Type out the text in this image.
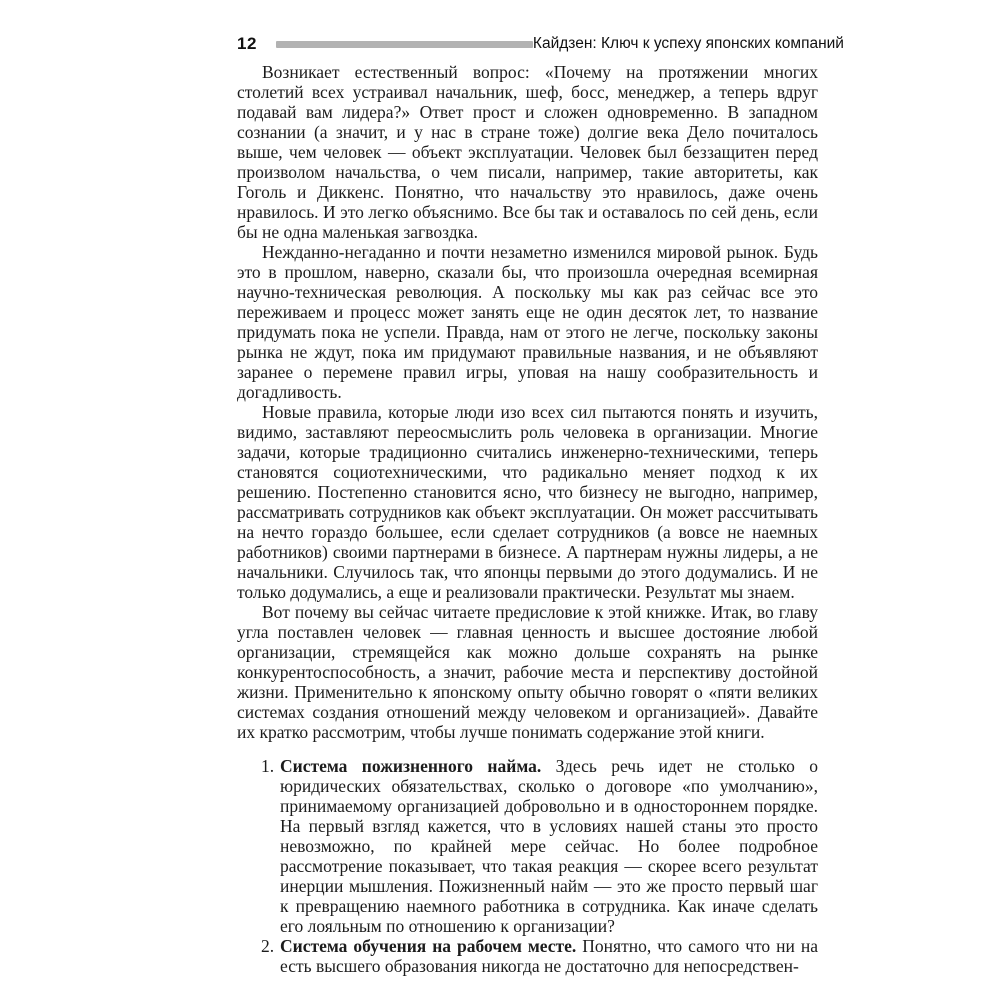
12	Кайдзен: Ключ к успеху японских компаний

Возникает естественный вопрос: «Почему на протяжении многих столетий всех устраивал начальник, шеф, босс, менеджер, а теперь вдруг подавай вам лидера?» Ответ прост и сложен одновременно. В западном сознании (а значит, и у нас в стране тоже) долгие века Дело почиталось выше, чем человек — объект эксплуатации. Человек был беззащитен перед произволом начальства, о чем писали, например, такие авторитеты, как Гоголь и Диккенс. Понятно, что начальству это нравилось, даже очень нравилось. И это легко объяснимо. Все бы так и оставалось по сей день, если бы не одна маленькая загвоздка.

Нежданно-негаданно и почти незаметно изменился мировой рынок. Будь это в прошлом, наверно, сказали бы, что произошла очередная всемирная научно-техническая революция. А поскольку мы как раз сейчас все это переживаем и процесс может занять еще не один десяток лет, то название придумать пока не успели. Правда, нам от этого не легче, поскольку законы рынка не ждут, пока им придумают правильные названия, и не объявляют заранее о перемене правил игры, уповая на нашу сообразительность и догадливость.

Новые правила, которые люди изо всех сил пытаются понять и изучить, видимо, заставляют переосмыслить роль человека в организации. Многие задачи, которые традиционно считались инженерно-техническими, теперь становятся социотехническими, что радикально меняет подход к их решению. Постепенно становится ясно, что бизнесу не выгодно, например, рассматривать сотрудников как объект эксплуатации. Он может рассчитывать на нечто гораздо большее, если сделает сотрудников (а вовсе не наемных работников) своими партнерами в бизнесе. А партнерам нужны лидеры, а не начальники. Случилось так, что японцы первыми до этого додумались. И не только додумались, а еще и реализовали практически. Результат мы знаем.

Вот почему вы сейчас читаете предисловие к этой книжке. Итак, во главу угла поставлен человек — главная ценность и высшее достояние любой организации, стремящейся как можно дольше сохранять на рынке конкурентоспособность, а значит, рабочие места и перспективу достойной жизни. Применительно к японскому опыту обычно говорят о «пяти великих системах создания отношений между человеком и организацией». Давайте их кратко рассмотрим, чтобы лучше понимать содержание этой книги.

1. Система пожизненного найма. Здесь речь идет не столько о юридических обязательствах, сколько о договоре «по умолчанию», принимаемому организацией добровольно и в одностороннем порядке. На первый взгляд кажется, что в условиях нашей станы это просто невозможно, по крайней мере сейчас. Но более подробное рассмотрение показывает, что такая реакция — скорее всего результат инерции мышления. Пожизненный найм — это же просто первый шаг к превращению наемного работника в сотрудника. Как иначе сделать его лояльным по отношению к организации?
2. Система обучения на рабочем месте. Понятно, что самого что ни на есть высшего образования никогда не достаточно для непосредствен-
